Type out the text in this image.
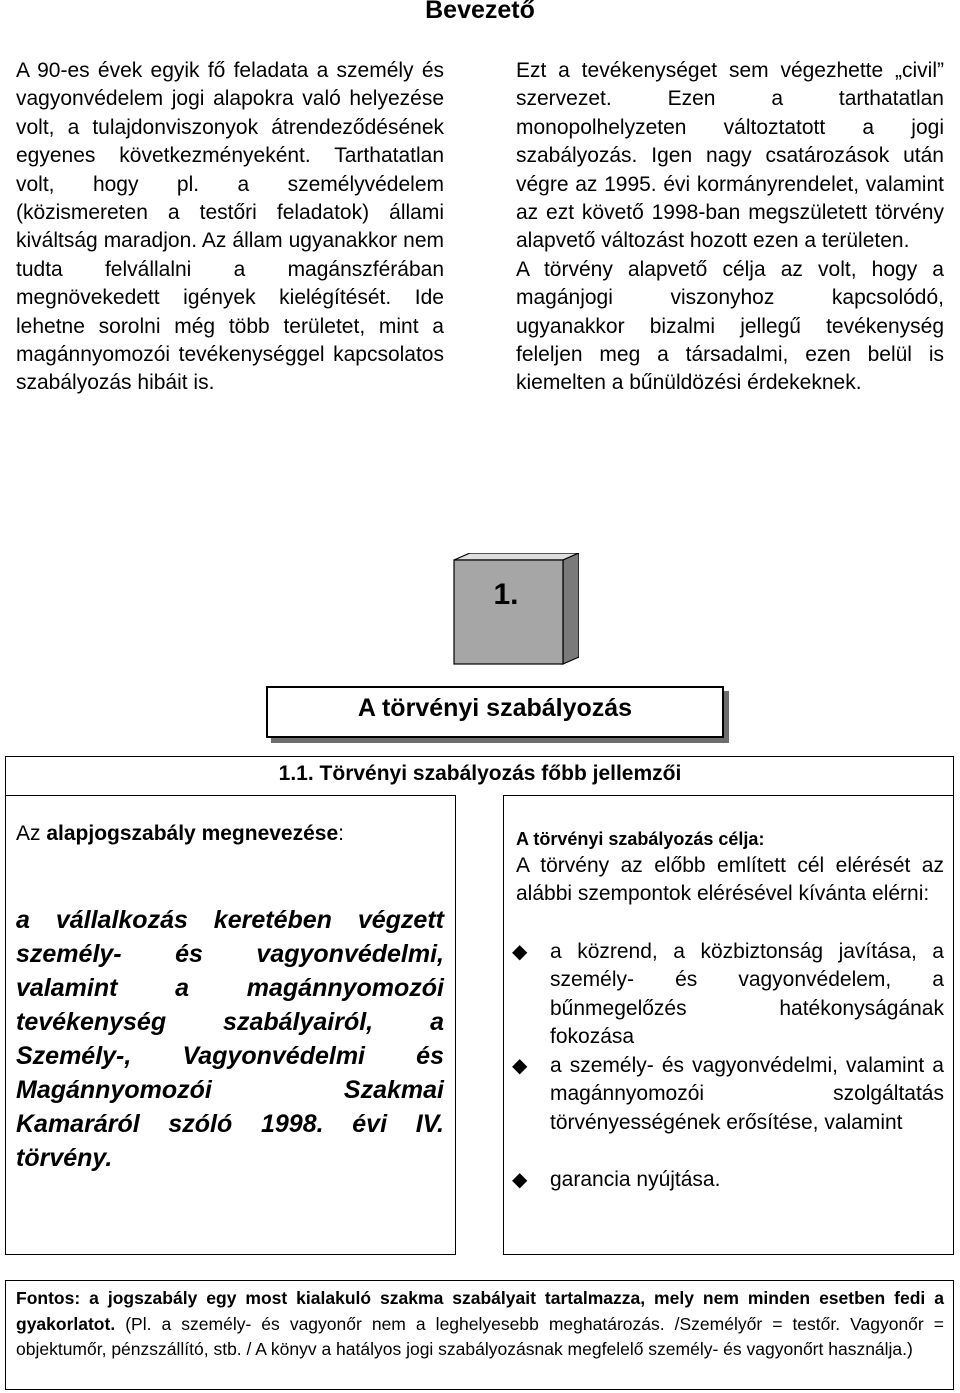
Bevezető
A 90-es évek egyik fő feladata a személy és vagyonvédelem jogi alapokra való helyezése volt, a tulajdonviszonyok átrendeződésének egyenes következményeként. Tarthatatlan volt, hogy pl. a személyvédelem (közismereten a testőri feladatok) állami kiváltság maradjon. Az állam ugyanakkor nem tudta felvállalni a magánszférában megnövekedett igények kielégítését. Ide lehetne sorolni még több területet, mint a magánnyomozói tevékenységgel kapcsolatos szabályozás hibáit is.
Ezt a tevékenységet sem végezhette „civil” szervezet. Ezen a tarthatatlan monopolhelyzeten változtatott a jogi szabályozás. Igen nagy csatározások után végre az 1995. évi kormányrendelet, valamint az ezt követő 1998-ban megszületett törvény alapvető változást hozott ezen a területen.
A törvény alapvető célja az volt, hogy a magánjogi viszonyhoz kapcsolódó, ugyanakkor bizalmi jellegű tevékenység feleljen meg a társadalmi, ezen belül is kiemelten a bűnüldözési érdekeknek.
1.
A törvényi szabályozás
1.1. Törvényi szabályozás főbb jellemzői
Az alapjogszabály megnevezése:
a vállalkozás keretében végzett személy- és vagyonvédelmi, valamint a magánnyomozói tevékenység szabályairól, a Személy-, Vagyonvédelmi és Magánnyomozói Szakmai Kamaráról szóló 1998. évi IV. törvény.
A törvényi szabályozás célja:
A törvény az előbb említett cél elérését az alábbi szempontok elérésével kívánta elérni:
◆	a közrend, a közbiztonság javítása, a személy- és vagyonvédelem, a bűnmegelőzés hatékonyságának fokozása
◆	a személy- és vagyonvédelmi, valamint a magánnyomozói szolgáltatás törvényességének erősítése, valamint
◆	garancia nyújtása.
Fontos: a jogszabály egy most kialakuló szakma szabályait tartalmazza, mely nem minden esetben fedi a gyakorlatot. (Pl. a személy- és vagyonőr nem a leghelyesebb meghatározás. /Személyőr = testőr. Vagyonőr = objektumőr, pénzszállító, stb. / A könyv a hatályos jogi szabályozásnak megfelelő személy- és vagyonőrt használja.)
